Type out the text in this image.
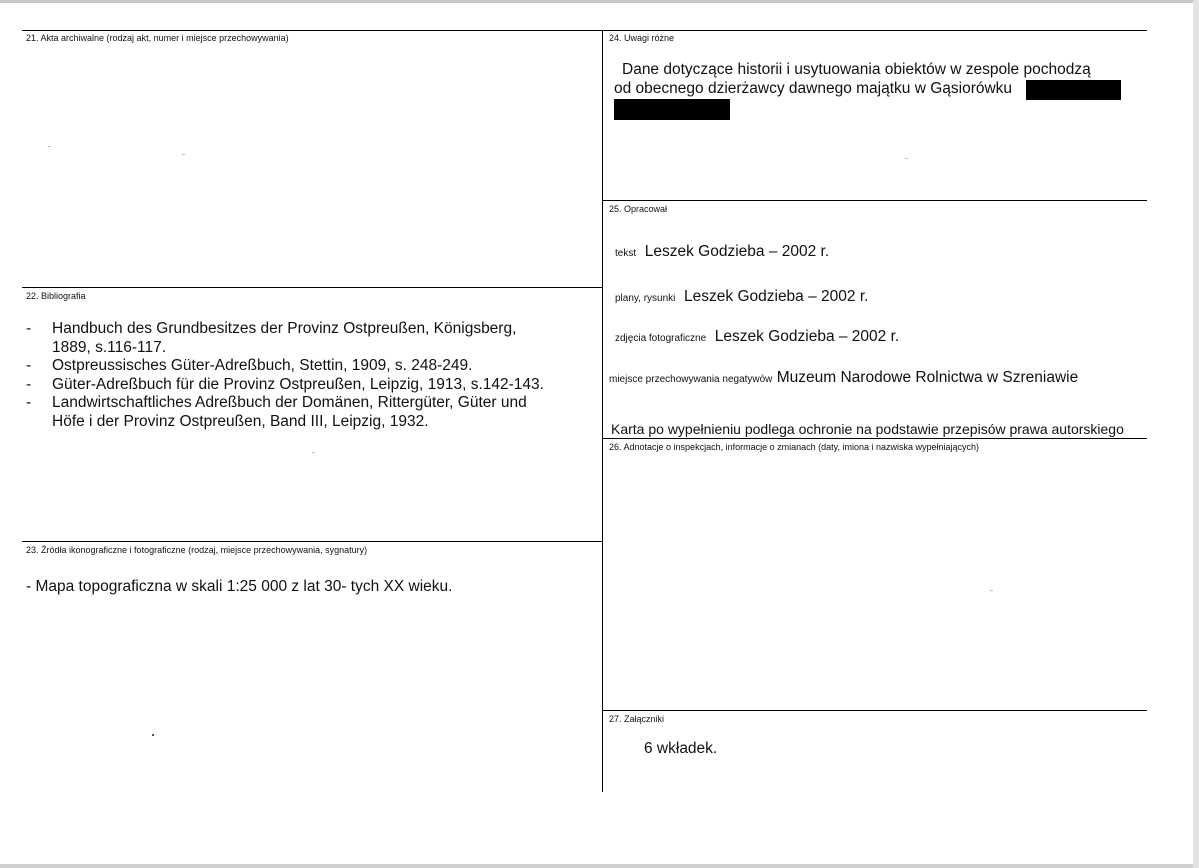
21. Akta archiwalne (rodzaj akt, numer i miejsce przechowywania)
22. Bibliografia
- Handbuch des Grundbesitzes der Provinz Ostpreußen, Königsberg,
1889, s.116-117.
- Ostpreussisches Güter-Adreßbuch, Stettin, 1909, s. 248-249.
- Güter-Adreßbuch für die Provinz Ostpreußen, Leipzig, 1913, s.142-143.
- Landwirtschaftliches Adreßbuch der Domänen, Rittergüter, Güter und
Höfe i der Provinz Ostpreußen, Band III, Leipzig, 1932.
23. Źródła ikonograficzne i fotograficzne (rodzaj, miejsce przechowywania, sygnatury)
- Mapa topograficzna w skali 1:25 000 z lat 30- tych XX wieku.
24. Uwagi różne
Dane dotyczące historii i usytuowania obiektów w zespole pochodzą
od obecnego dzierżawcy dawnego majątku w Gąsiorówku
25. Opracował
tekst Leszek Godzieba – 2002 r.
plany, rysunki Leszek Godzieba – 2002 r.
zdjęcia fotograficzne Leszek Godzieba – 2002 r.
miejsce przechowywania negatywów Muzeum Narodowe Rolnictwa w Szreniawie
Karta po wypełnieniu podlega ochronie na podstawie przepisów prawa autorskiego
26. Adnotacje o inspekcjach, informacje o zmianach (daty, imiona i nazwiska wypełniających)
27. Załączniki
6 wkładek.
